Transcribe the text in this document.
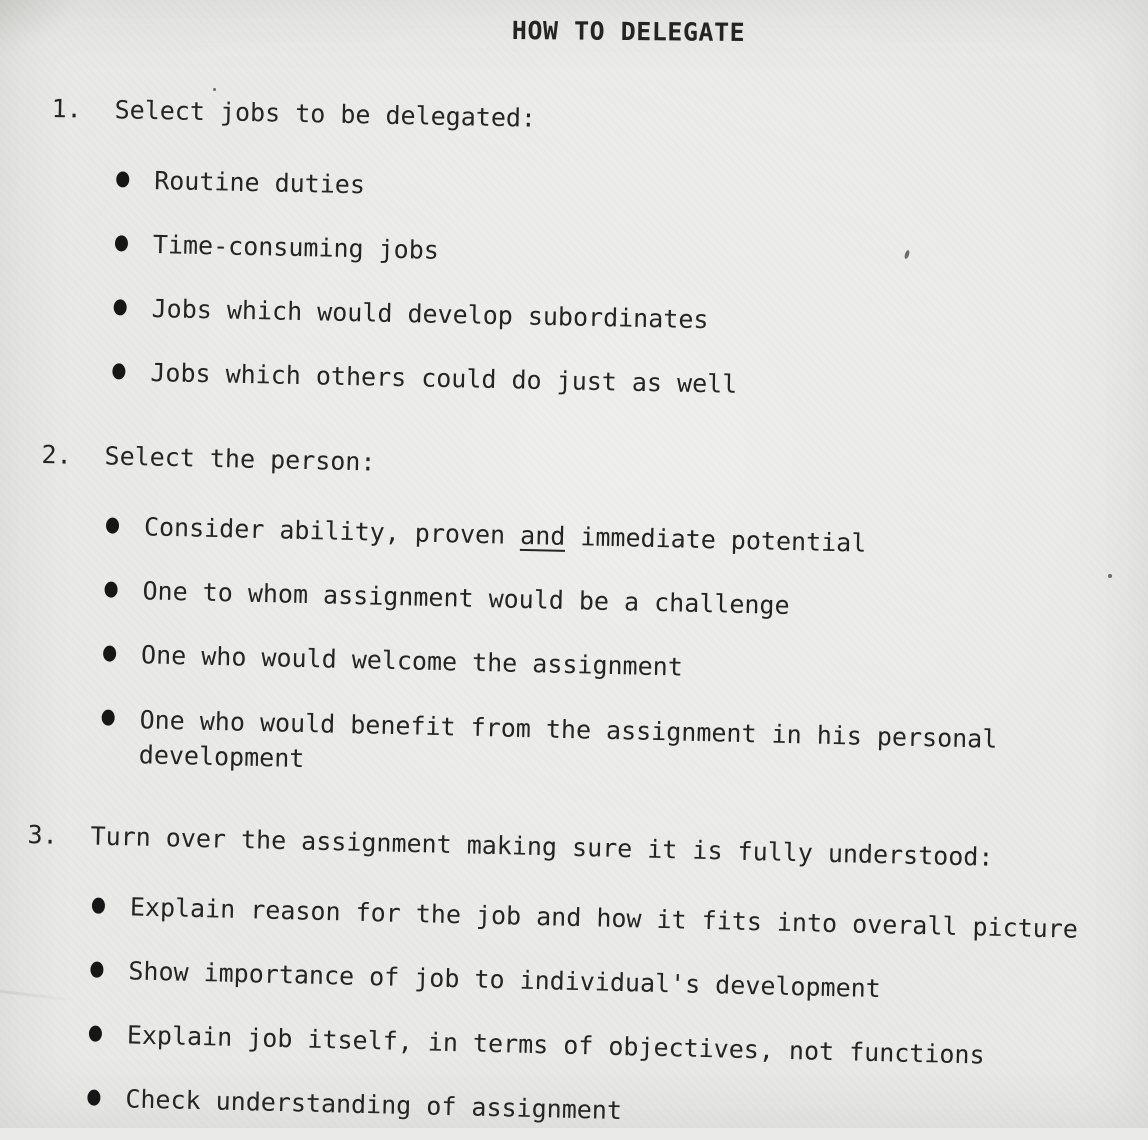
HOW TO DELEGATE
1.	Select jobs to be delegated:
Routine duties
Time-consuming jobs
Jobs which would develop subordinates
Jobs which others could do just as well
2.	Select the person:
Consider ability, proven and immediate potential
One to whom assignment would be a challenge
One who would welcome the assignment
One who would benefit from the assignment in his personal development
3.	Turn over the assignment making sure it is fully understood:
Explain reason for the job and how it fits into overall picture
Show importance of job to individual's development
Explain job itself, in terms of objectives, not functions
Check understanding of assignment
